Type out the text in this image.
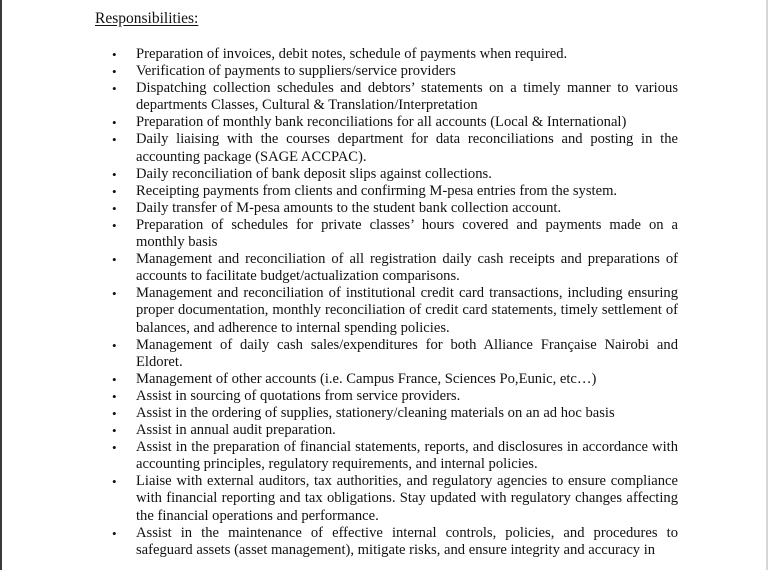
Responsibilities:
•	Preparation of invoices, debit notes, schedule of payments when required.
•	Verification of payments to suppliers/service providers
•	Dispatching collection schedules and debtors’ statements on a timely manner to various departments Classes, Cultural & Translation/Interpretation
•	Preparation of monthly bank reconciliations for all accounts (Local & International)
•	Daily liaising with the courses department for data reconciliations and posting in the accounting package (SAGE ACCPAC).
•	Daily reconciliation of bank deposit slips against collections.
•	Receipting payments from clients and confirming M-pesa entries from the system.
•	Daily transfer of M-pesa amounts to the student bank collection account.
•	Preparation of schedules for private classes’ hours covered and payments made on a monthly basis
•	Management and reconciliation of all registration daily cash receipts and preparations of accounts to facilitate budget/actualization comparisons.
•	Management and reconciliation of institutional credit card transactions, including ensuring proper documentation, monthly reconciliation of credit card statements, timely settlement of balances, and adherence to internal spending policies.
•	Management of daily cash sales/expenditures for both Alliance Française Nairobi and Eldoret.
•	Management of other accounts (i.e. Campus France, Sciences Po,Eunic, etc…)
•	Assist in sourcing of quotations from service providers.
•	Assist in the ordering of supplies, stationery/cleaning materials on an ad hoc basis
•	Assist in annual audit preparation.
•	Assist in the preparation of financial statements, reports, and disclosures in accordance with accounting principles, regulatory requirements, and internal policies.
•	Liaise with external auditors, tax authorities, and regulatory agencies to ensure compliance with financial reporting and tax obligations. Stay updated with regulatory changes affecting the financial operations and performance.
•	Assist in the maintenance of effective internal controls, policies, and procedures to safeguard assets (asset management), mitigate risks, and ensure integrity and accuracy in
